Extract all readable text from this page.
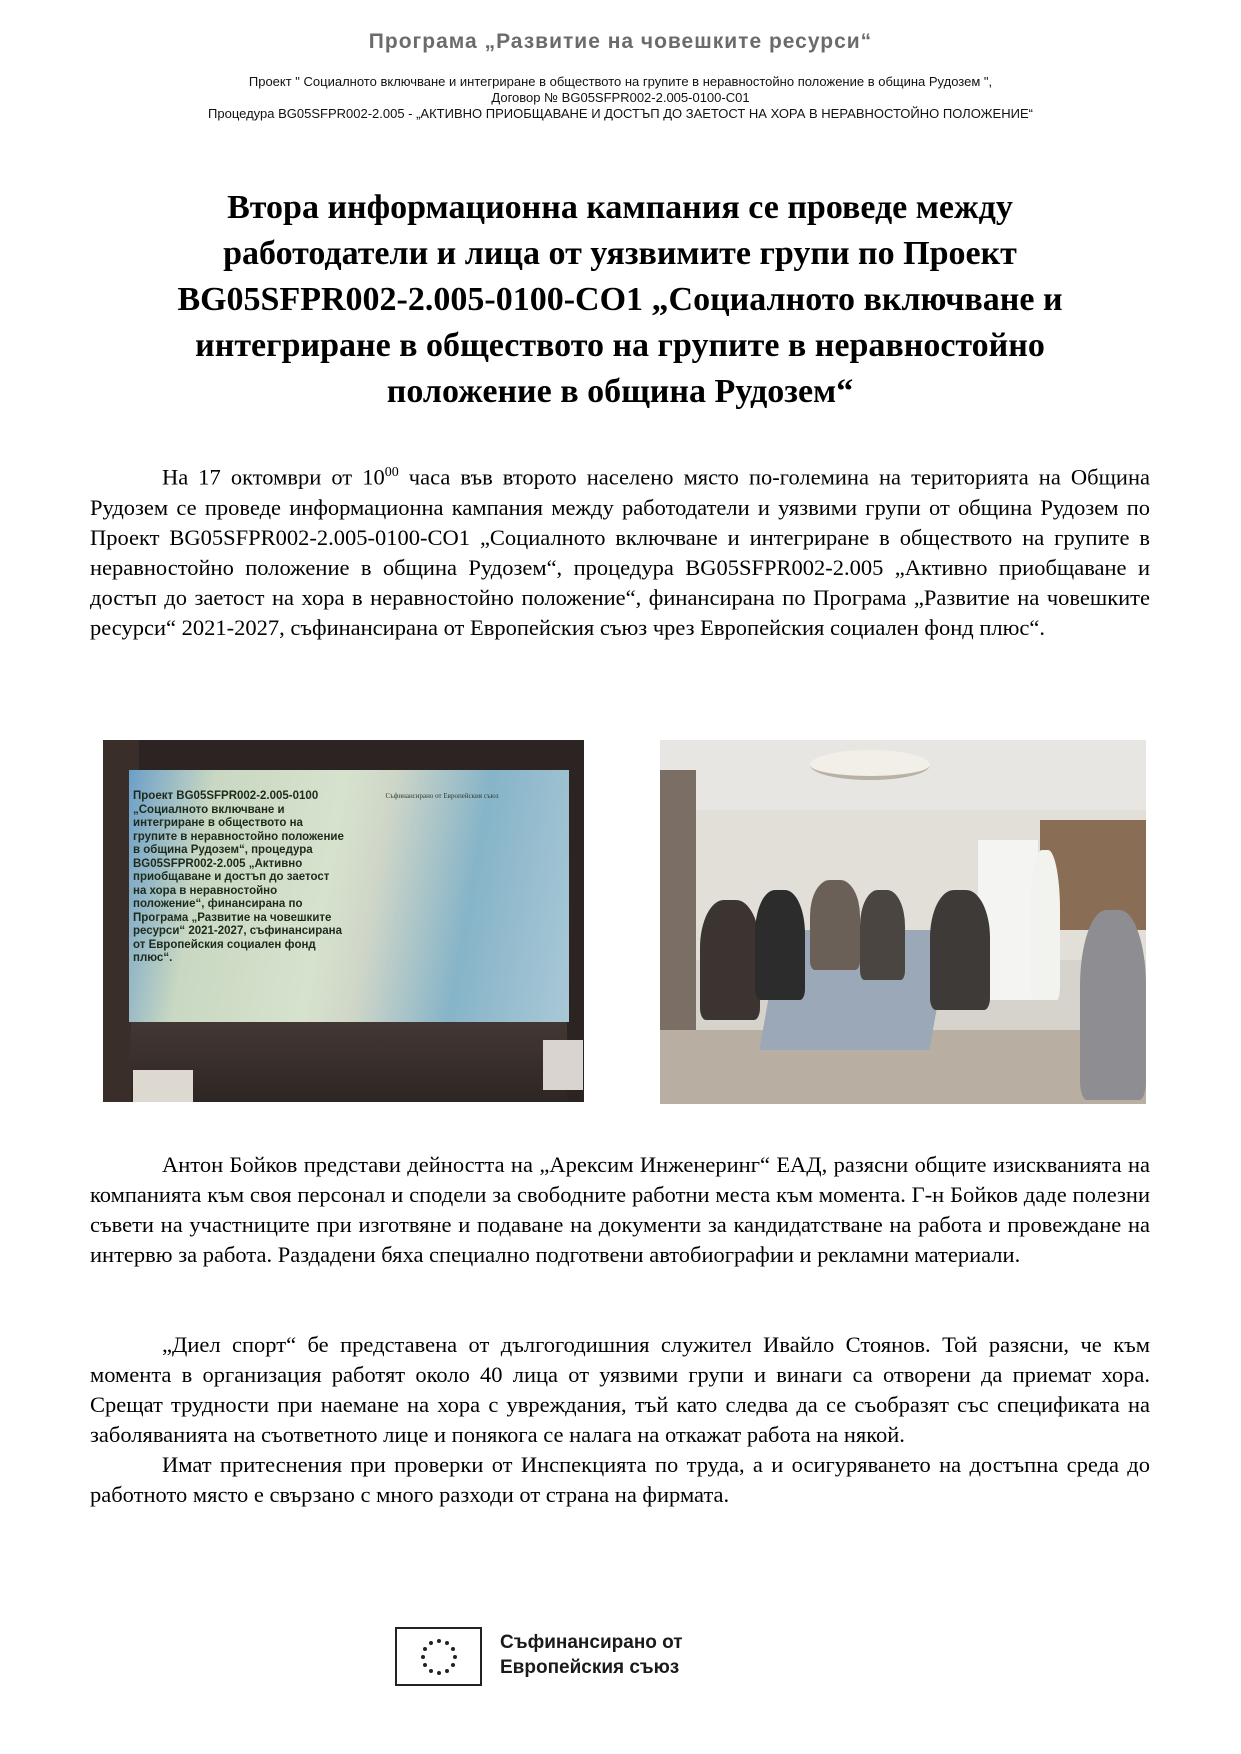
Програма „Развитие на човешките ресурси“
Проект " Социалното включване и интегриране в обществото на групите в неравностойно положение в община Рудозем ",
Договор № BG05SFPR002-2.005-0100-C01
Процедура BG05SFPR002-2.005 - „АКТИВНО ПРИОБЩАВАНЕ И ДОСТЪП ДО ЗАЕТОСТ НА ХОРА В НЕРАВНОСТОЙНО ПОЛОЖЕНИЕ“
Втора информационна кампания се проведе между
работодатели и лица от уязвимите групи по Проект
BG05SFPR002-2.005-0100-СО1 „Социалното включване и
интегриране в обществото на групите в неравностойно
положение в община Рудозем“

На 17 октомври от $10^{00}$ часа във второто населено място по-големина на територията на Община Рудозем се проведе информационна кампания между работодатели и уязвими групи от община Рудозем по Проект BG05SFPR002-2.005-0100-СО1 „Социалното включване и интегриране в обществото на групите в неравностойно положение в община Рудозем“, процедура BG05SFPR002-2.005 „Активно приобщаване и достъп до заетост на хора в неравностойно положение“, финансирана по Програма „Развитие на човешките ресурси“ 2021-2027, съфинансирана от Европейския съюз чрез Европейския социален фонд плюс“.

Проект BG05SFPR002-2.005-0100 „Социалното включване и интегриране в обществото на групите в неравностойно положение в община Рудозем“, процедура BG05SFPR002-2.005 „Активно приобщаване и достъп до заетост на хора в неравностойно положение“, финансирана по Програма „Развитие на човешките ресурси“ 2021-2027, съфинансирана от Европейския социален фонд плюс“.
Съфинансирано от Европейския съюз

Антон Бойков представи дейността на „Арексим Инженеринг“ ЕАД, разясни общите изискванията на компанията към своя персонал и сподели за свободните работни места към момента. Г-н Бойков даде полезни съвети на участниците при изготвяне и подаване на документи за кандидатстване на работа и провеждане на интервю за работа. Раздадени бяха специално подготвени автобиографии и рекламни материали.

„Диел спорт“ бе представена от дългогодишния служител Ивайло Стоянов. Той разясни, че към момента в организация работят около 40 лица от уязвими групи и винаги са отворени да приемат хора. Срещат трудности при наемане на хора с увреждания, тъй като следва да се съобразят със спецификата на заболяванията на съответното лице и понякога се налага на откажат работа на някой.

Имат притеснения при проверки от Инспекцията по труда, а и осигуряването на достъпна среда до работното място е свързано с много разходи от страна на фирмата.

Съфинансирано от
Европейския съюз
